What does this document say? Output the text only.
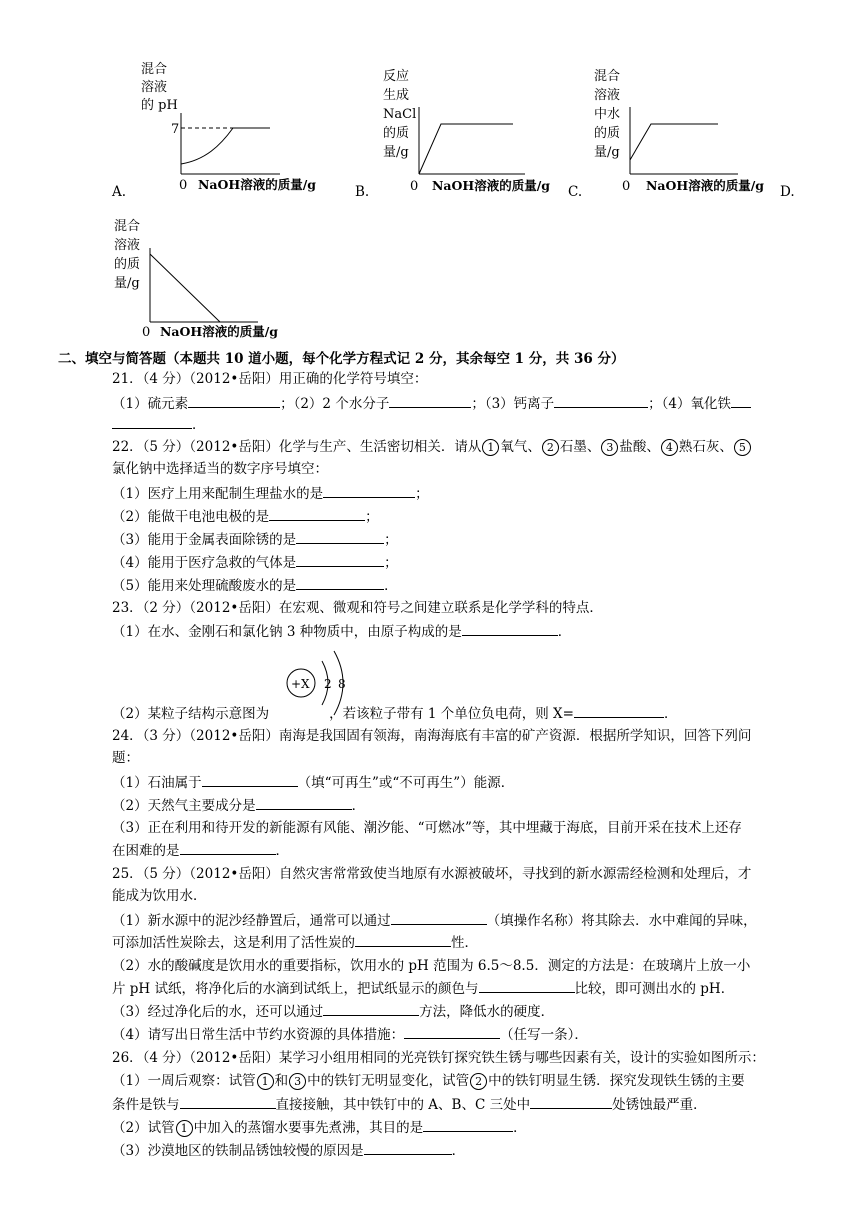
混合
溶液
的 pH
7
0 NaOH溶液的质量/g
A.
反应
生成
NaCl
的质
量/g
0 NaOH溶液的质量/g
B.
混合
溶液
中水
的质
量/g
0 NaOH溶液的质量/g
C.	D.
混合
溶液
的质
量/g
0 NaOH溶液的质量/g
二、填空与简答题（本题共 10 道小题，每个化学方程式记 2 分，其余每空 1 分，共 36 分）
21．（4 分）（2012•岳阳）用正确的化学符号填空：
（1）硫元素	；（2）2 个水分子	；（3）钙离子	；（4）氧化铁
．
22．（5 分）（2012•岳阳）化学与生产、生活密切相关．请从 1 氧气、 2 石墨、 3 盐酸、 4 熟石灰、 5
氯化钠中选择适当的数字序号填空：
（1）医疗上用来配制生理盐水的是	；
（2）能做干电池电极的是	；
（3）能用于金属表面除锈的是	；
（4）能用于医疗急救的气体是	；
（5）能用来处理硫酸废水的是	．
23．（2 分）（2012•岳阳）在宏观、微观和符号之间建立联系是化学学科的特点．
（1）在水、金刚石和氯化钠 3 种物质中，由原子构成的是	．
+X 2 8
（2）某粒子结构示意图为	，若该粒子带有 1 个单位负电荷，则 X=	．
24．（3 分）（2012•岳阳）南海是我国固有领海，南海海底有丰富的矿产资源．根据所学知识，回答下列问
题：
（1）石油属于	（填“可再生”或“不可再生”）能源．
（2）天然气主要成分是	．
（3）正在利用和待开发的新能源有风能、潮汐能、“可燃冰”等，其中埋藏于海底，目前开采在技术上还存
在困难的是	．
25．（5 分）（2012•岳阳）自然灾害常常致使当地原有水源被破坏，寻找到的新水源需经检测和处理后，才
能成为饮用水．
（1）新水源中的泥沙经静置后，通常可以通过	（填操作名称）将其除去．水中难闻的异味，
可添加活性炭除去，这是利用了活性炭的	性．
（2）水的酸碱度是饮用水的重要指标，饮用水的 pH 范围为 6.5～8.5．测定的方法是：在玻璃片上放一小
片 pH 试纸，将净化后的水滴到试纸上，把试纸显示的颜色与	比较，即可测出水的 pH．
（3）经过净化后的水，还可以通过	方法，降低水的硬度．
（4）请写出日常生活中节约水资源的具体措施：	（任写一条）．
26．（4 分）（2012•岳阳）某学习小组用相同的光亮铁钉探究铁生锈与哪些因素有关，设计的实验如图所示：
（1）一周后观察：试管 1 和 3 中的铁钉无明显变化，试管 2 中的铁钉明显生锈．探究发现铁生锈的主要
条件是铁与	直接接触，其中铁钉中的 A、B、C 三处中	处锈蚀最严重．
（2）试管 1 中加入的蒸馏水要事先煮沸，其目的是	．
（3）沙漠地区的铁制品锈蚀较慢的原因是	．
